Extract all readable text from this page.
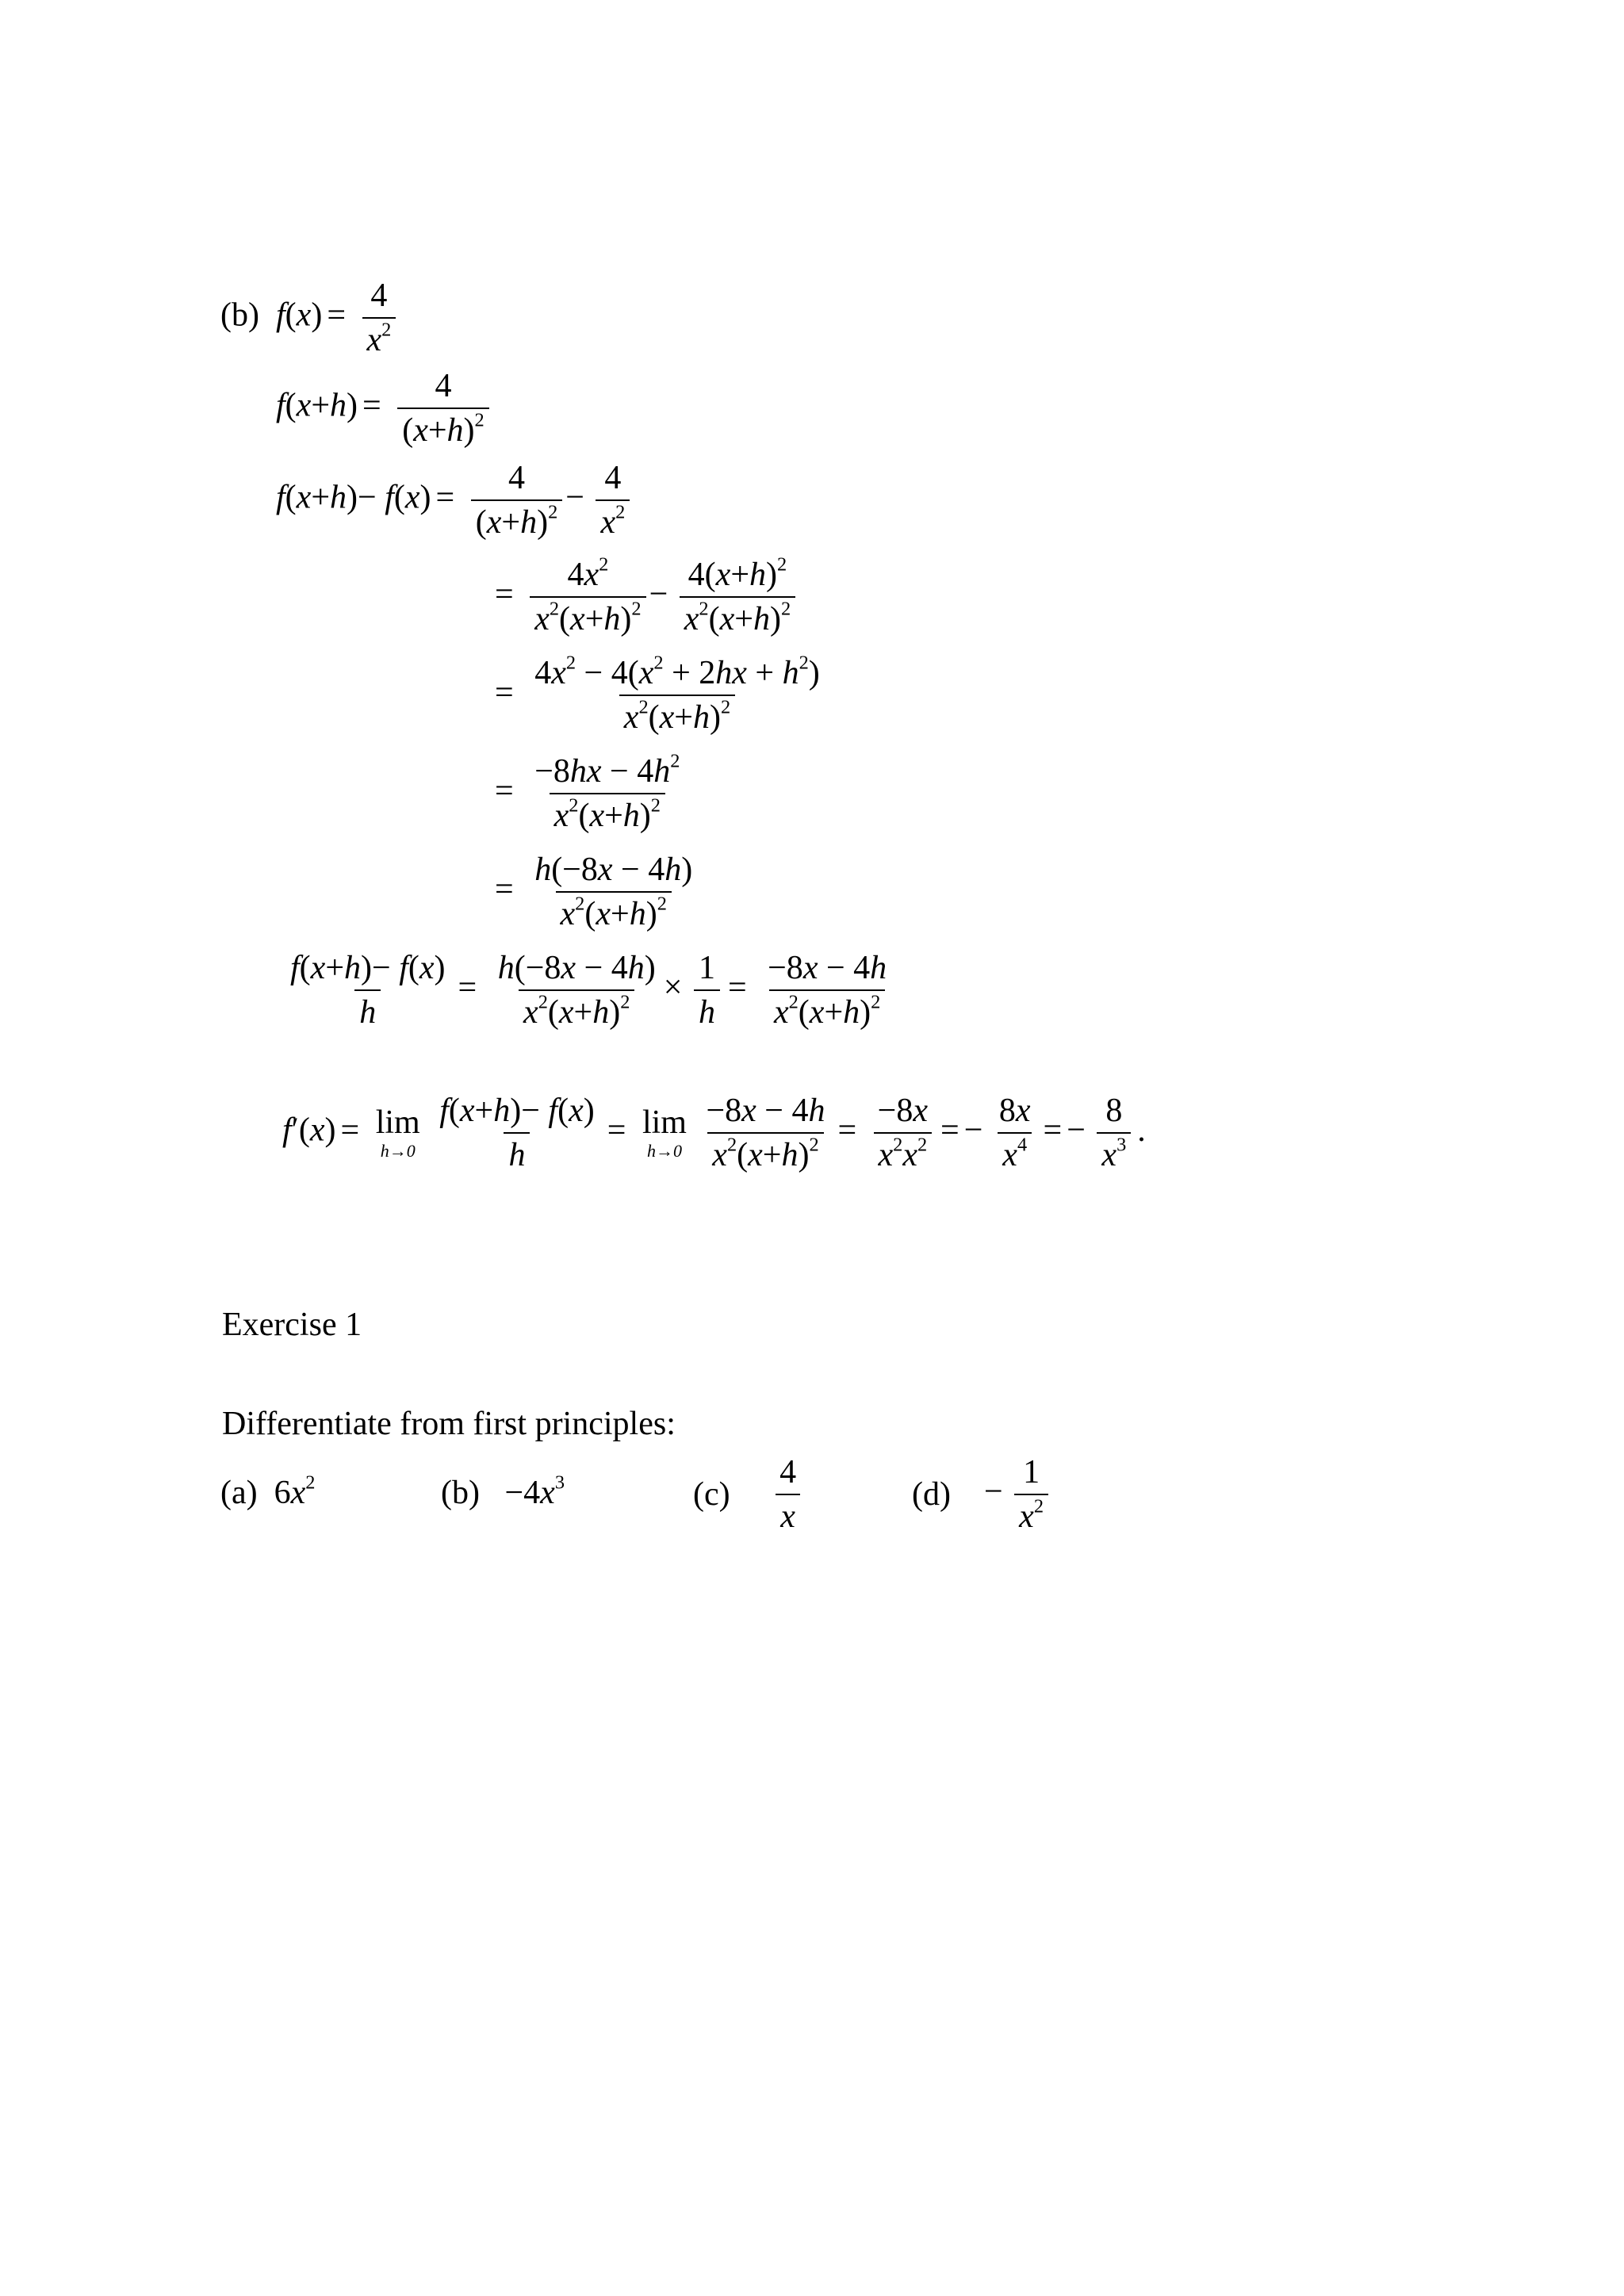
(b) $f(x) = \frac{4}{x^2}$
$f(x+h) = \frac{4}{(x+h)^2}$
$f(x+h)- f(x) = \frac{4}{(x+h)^2} - \frac{4}{x^2}$
= $\frac{4x^2}{x^2(x+h)^2} - \frac{4(x+h)^2}{x^2(x+h)^2}$
= $\frac{4x^2 - 4(x^2 + 2hx + h^2)}{x^2(x+h)^2}$
= $\frac{-8hx - 4h^2}{x^2(x+h)^2}$
= $\frac{h(-8x - 4h)}{x^2(x+h)^2}$
$\frac{f(x+h)- f(x)}{h} = \frac{h(-8x - 4h)}{x^2(x+h)^2} \times \frac{1}{h} = \frac{-8x - 4h}{x^2(x+h)^2}$
f′(x) = lim
h→0
$\frac{f(x+h)- f(x)}{h} = \lim$
h→0
$\frac{-8x - 4h}{x^2(x+h)^2} = \frac{-8x}{x^2x^2}$ = − $\frac{8x}{x^4}$ = − $\frac{8}{x^3}$ .
Exercise 1
Differentiate from first principles:
(a)  $6x^2$	$(b) -4x^3$	$(c) \frac{4}{x}$	(d)    − $\frac{1}{x^2}$
